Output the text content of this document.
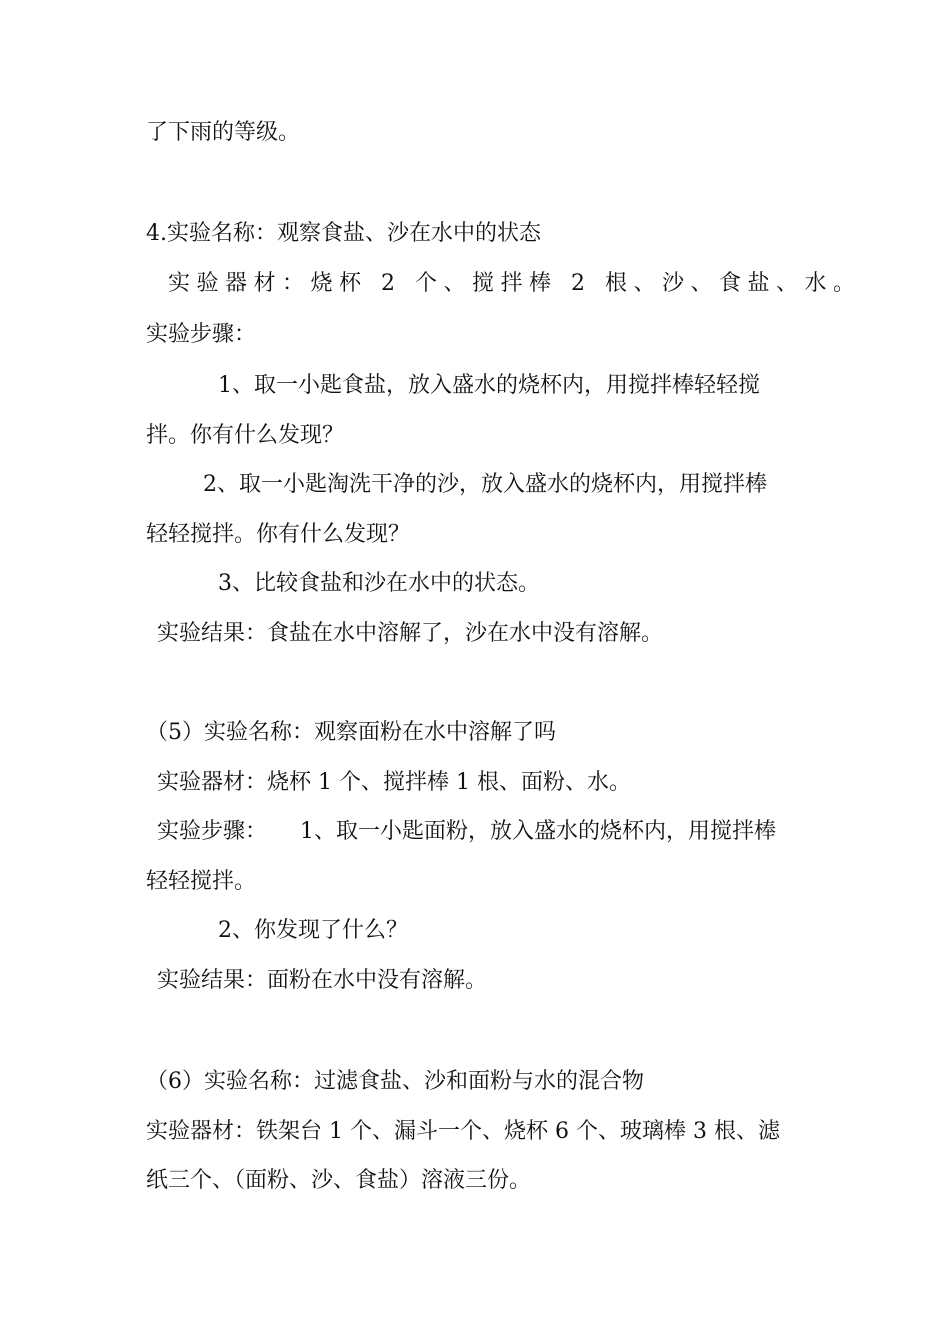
了下雨的等级。
4.实验名称：观察食盐、沙在水中的状态
实验器材：烧杯 2 个、搅拌棒 2 根、沙、食盐、水。
实验步骤：
1、取一小匙食盐，放入盛水的烧杯内，用搅拌棒轻轻搅
拌。你有什么发现？
2、取一小匙淘洗干净的沙，放入盛水的烧杯内，用搅拌棒
轻轻搅拌。你有什么发现？
3、比较食盐和沙在水中的状态。
实验结果：食盐在水中溶解了，沙在水中没有溶解。
（5）实验名称：观察面粉在水中溶解了吗
实验器材：烧杯 1 个、搅拌棒 1 根、面粉、水。
实验步骤： 1、取一小匙面粉，放入盛水的烧杯内，用搅拌棒
轻轻搅拌。
2、你发现了什么？
实验结果：面粉在水中没有溶解。
（6）实验名称：过滤食盐、沙和面粉与水的混合物
实验器材：铁架台 1 个、漏斗一个、烧杯 6 个、玻璃棒 3 根、滤
纸三个、（面粉、沙、食盐）溶液三份。
